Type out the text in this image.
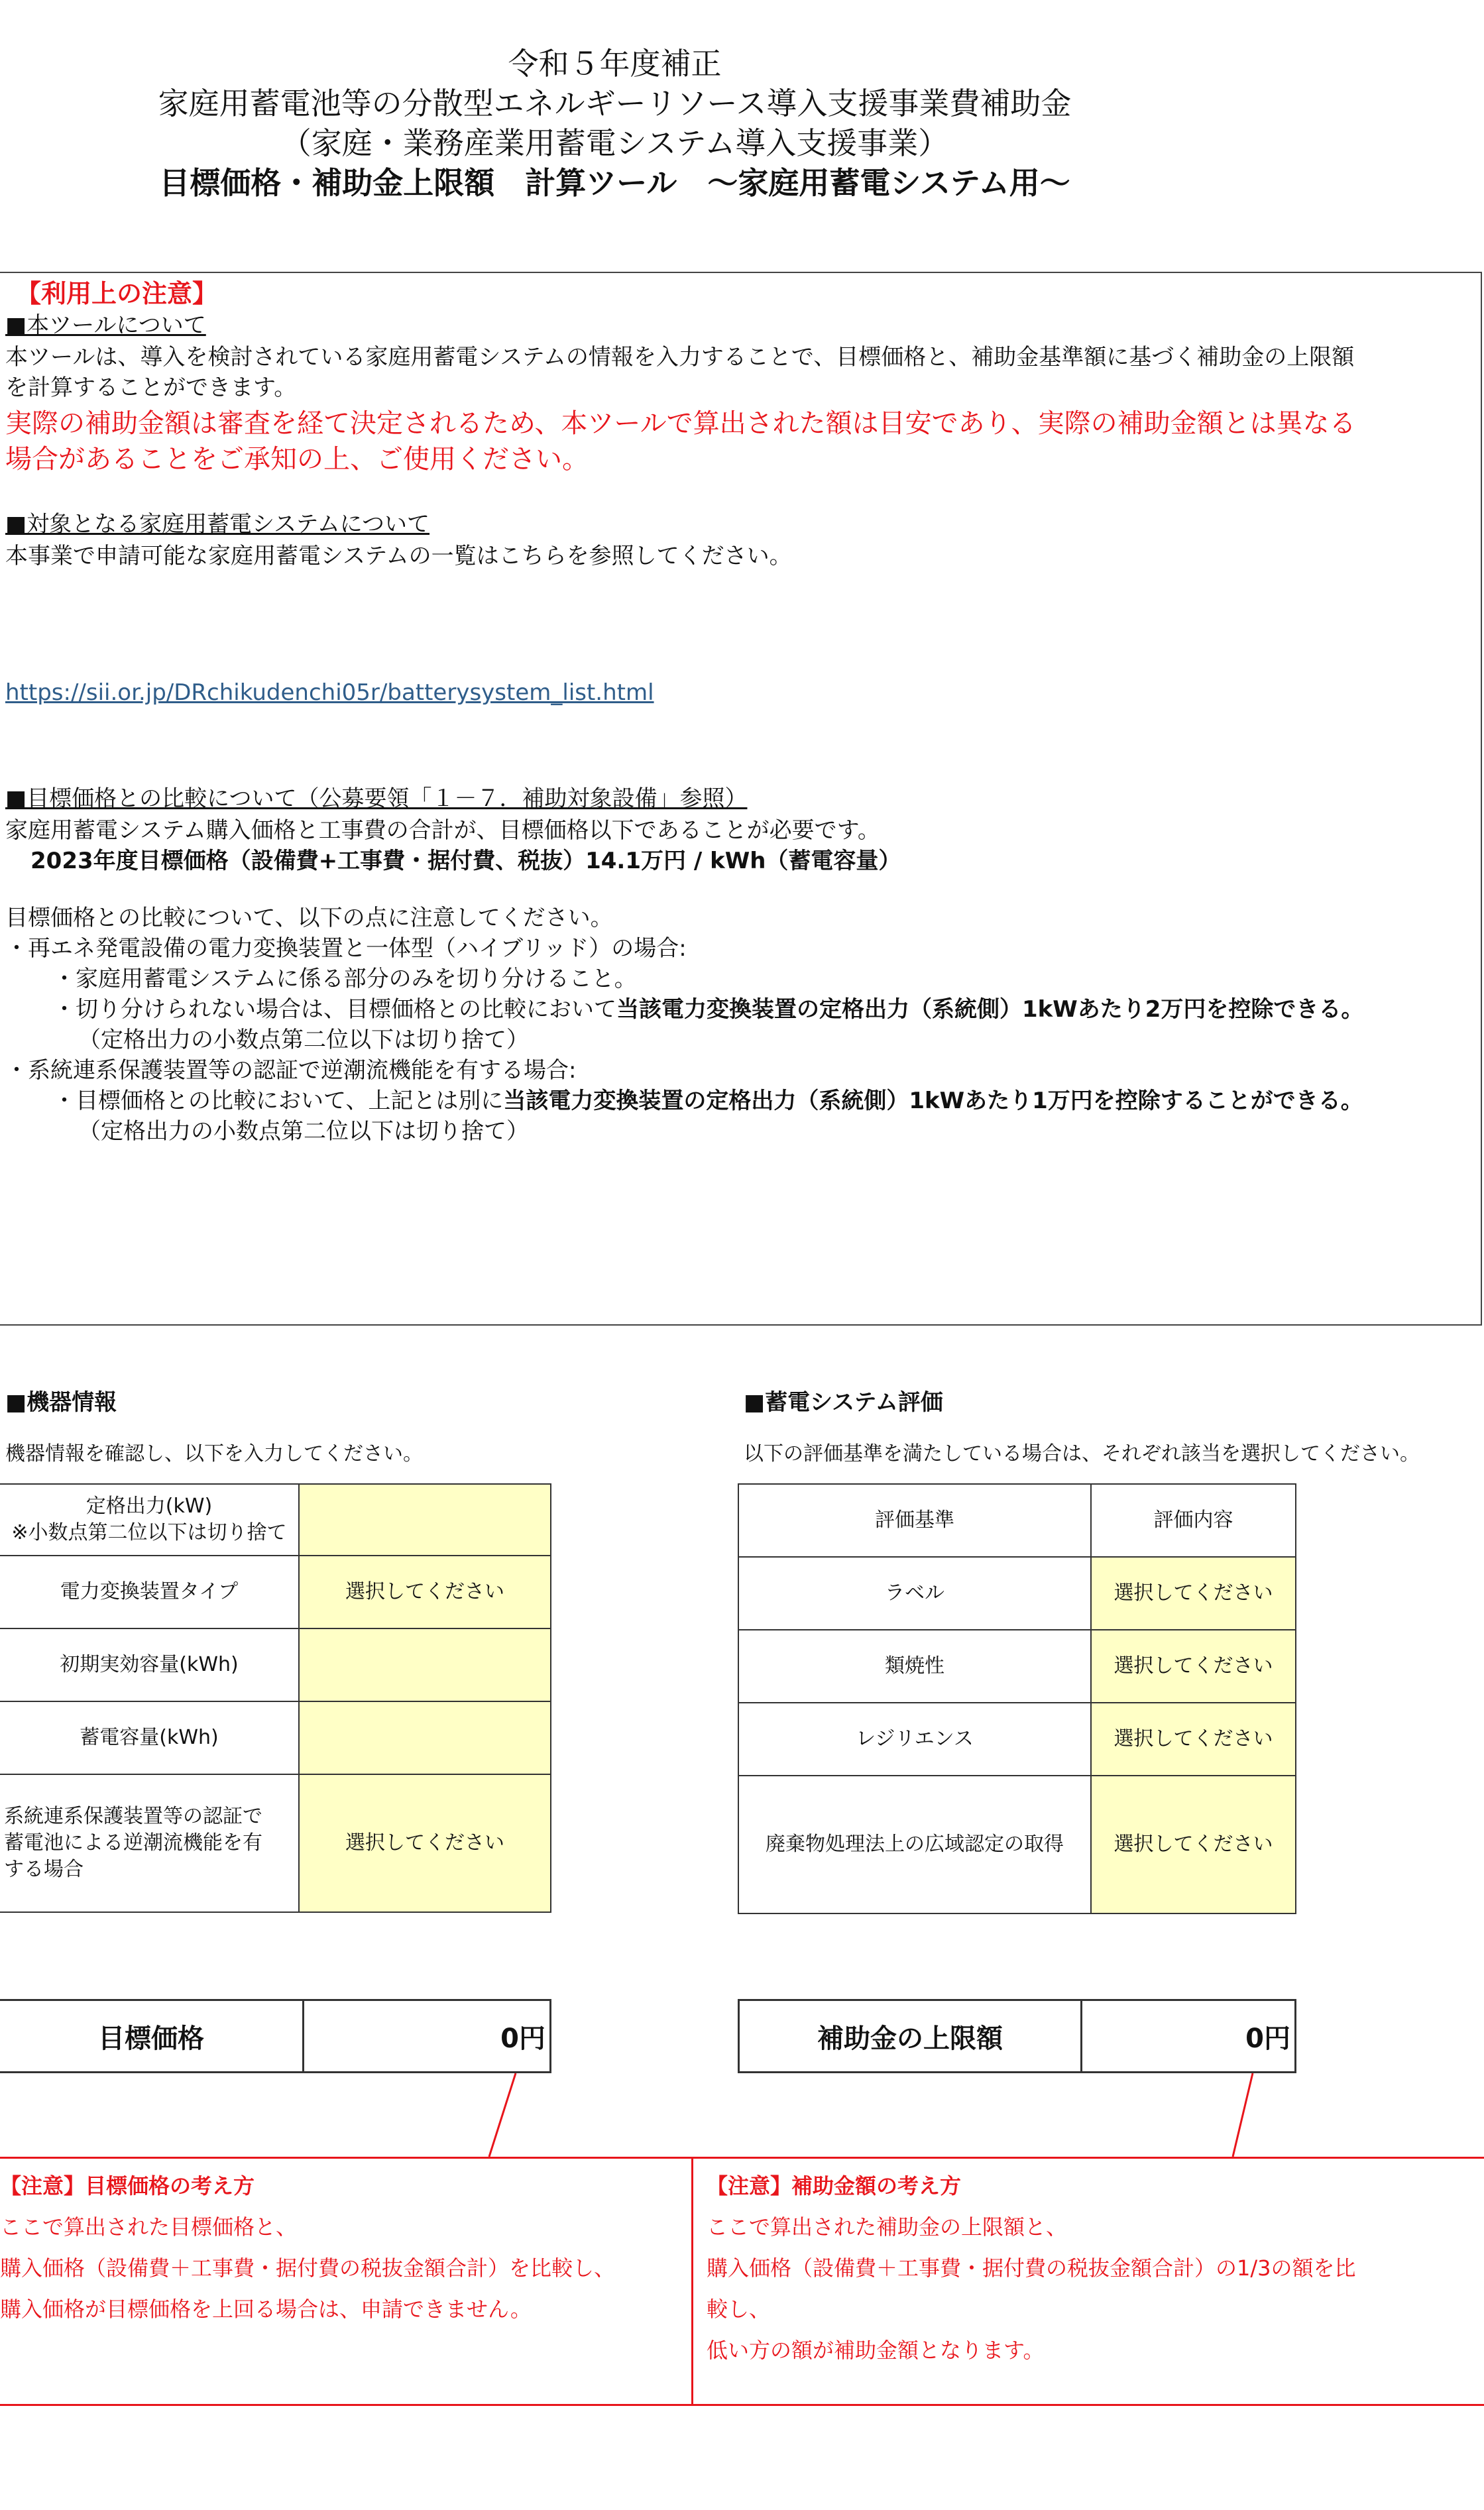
令和５年度補正
家庭用蓄電池等の分散型エネルギーリソース導入支援事業費補助金
（家庭・業務産業用蓄電システム導入支援事業）
目標価格・補助金上限額　計算ツール　～家庭用蓄電システム用～
【利用上の注意】
■本ツールについて
本ツールは、導入を検討されている家庭用蓄電システムの情報を入力することで、目標価格と、補助金基準額に基づく補助金の上限額
を計算することができます。
実際の補助金額は審査を経て決定されるため、本ツールで算出された額は目安であり、実際の補助金額とは異なる
場合があることをご承知の上、ご使用ください。
■対象となる家庭用蓄電システムについて
本事業で申請可能な家庭用蓄電システムの一覧はこちらを参照してください。
https://sii.or.jp/DRchikudenchi05r/batterysystem_list.html
■目標価格との比較について（公募要領「１－７．補助対象設備」参照）
家庭用蓄電システム購入価格と工事費の合計が、目標価格以下であることが必要です。
2023年度目標価格（設備費+工事費・据付費、税抜）14.1万円 / kWh（蓄電容量）
目標価格との比較について、以下の点に注意してください。
・再エネ発電設備の電力変換装置と一体型（ハイブリッド）の場合:
・家庭用蓄電システムに係る部分のみを切り分けること。
・切り分けられない場合は、目標価格との比較において当該電力変換装置の定格出力（系統側）1kWあたり2万円を控除できる。
（定格出力の小数点第二位以下は切り捨て）
・系統連系保護装置等の認証で逆潮流機能を有する場合:
・目標価格との比較において、上記とは別に当該電力変換装置の定格出力（系統側）1kWあたり1万円を控除することができる。
（定格出力の小数点第二位以下は切り捨て）
■機器情報
機器情報を確認し、以下を入力してください。
定格出力(kW)
※小数点第二位以下は切り捨て	
電力変換装置タイプ	選択してください
初期実効容量(kWh)	
蓄電容量(kWh)	
系統連系保護装置等の認証で
蓄電池による逆潮流機能を有
する場合	選択してください
■蓄電システム評価
以下の評価基準を満たしている場合は、それぞれ該当を選択してください。
評価基準	評価内容
ラベル	選択してください
類焼性	選択してください
レジリエンス	選択してください
廃棄物処理法上の広域認定の取得	選択してください
目標価格	0円	補助金の上限額	0円
【注意】目標価格の考え方
ここで算出された目標価格と、
購入価格（設備費＋工事費・据付費の税抜金額合計）を比較し、
購入価格が目標価格を上回る場合は、申請できません。
【注意】補助金額の考え方
ここで算出された補助金の上限額と、
購入価格（設備費＋工事費・据付費の税抜金額合計）の1/3の額を比
較し、
低い方の額が補助金額となります。
